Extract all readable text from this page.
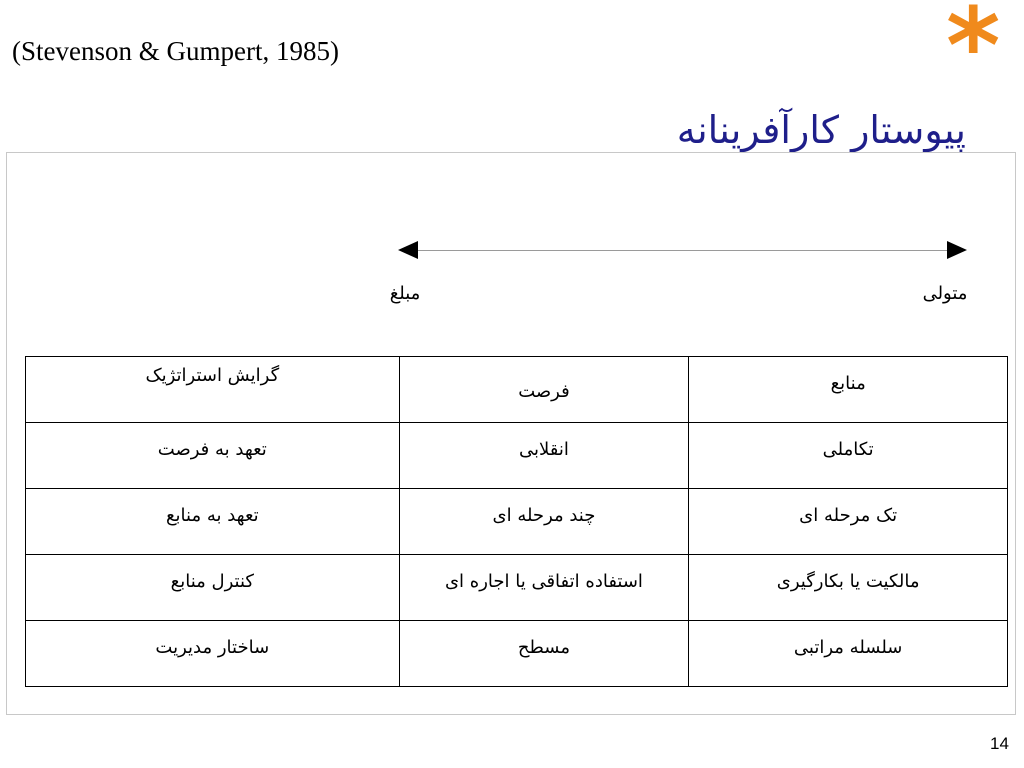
(Stevenson & Gumpert, 1985)	*
پیوستار کارآفرینانه
مبلغ	متولی
گرایش استراتژیک	فرصت	منابع
تعهد به فرصت	انقلابی	تکاملی
تعهد به منابع	چند مرحله ای	تک مرحله ای
کنترل منابع	استفاده اتفاقی یا اجاره ای	مالکیت یا بکارگیری
ساختار مدیریت	مسطح	سلسله مراتبی
14
